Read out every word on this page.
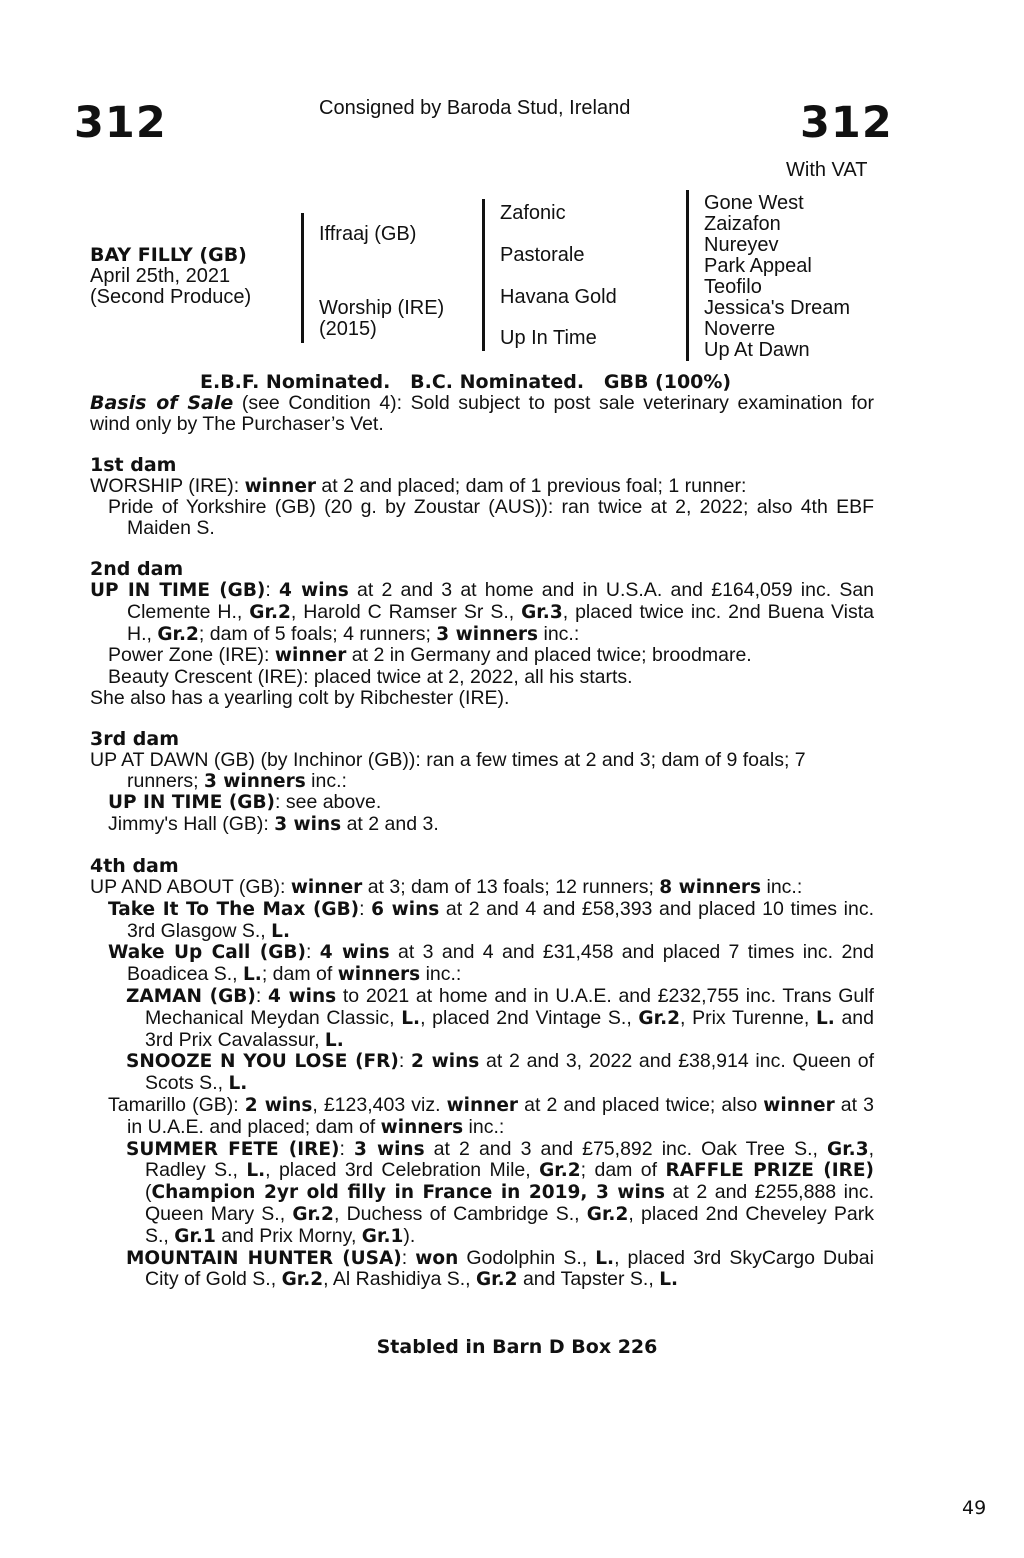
312	Consigned by Baroda Stud, Ireland	312
With VAT
BAY FILLY (GB)
April 25th, 2021
(Second Produce)
Iffraaj (GB)
Worship (IRE)
(2015)
Zafonic
Pastorale
Havana Gold
Up In Time
Gone West
Zaizafon
Nureyev
Park Appeal
Teofilo
Jessica's Dream
Noverre
Up At Dawn
E.B.F. Nominated.   B.C. Nominated.   GBB (100%)

Basis of Sale (see Condition 4): Sold subject to post sale veterinary examination for wind only by The Purchaser’s Vet.

1st dam

WORSHIP (IRE): winner at 2 and placed; dam of 1 previous foal; 1 runner:

Pride of Yorkshire (GB) (20 g. by Zoustar (AUS)): ran twice at 2, 2022; also 4th EBF Maiden S.

2nd dam

UP IN TIME (GB): 4 wins at 2 and 3 at home and in U.S.A. and £164,059 inc. San Clemente H., Gr.2, Harold C Ramser Sr S., Gr.3, placed twice inc. 2nd Buena Vista H., Gr.2; dam of 5 foals; 4 runners; 3 winners inc.:

Power Zone (IRE): winner at 2 in Germany and placed twice; broodmare.

Beauty Crescent (IRE): placed twice at 2, 2022, all his starts.

She also has a yearling colt by Ribchester (IRE).

3rd dam

UP AT DAWN (GB) (by Inchinor (GB)): ran a few times at 2 and 3; dam of 9 foals; 7 runners; 3 winners inc.:

UP IN TIME (GB): see above.

Jimmy's Hall (GB): 3 wins at 2 and 3.

4th dam

UP AND ABOUT (GB): winner at 3; dam of 13 foals; 12 runners; 8 winners inc.:

Take It To The Max (GB): 6 wins at 2 and 4 and £58,393 and placed 10 times inc. 3rd Glasgow S., L.

Wake Up Call (GB): 4 wins at 3 and 4 and £31,458 and placed 7 times inc. 2nd Boadicea S., L.; dam of winners inc.:

ZAMAN (GB): 4 wins to 2021 at home and in U.A.E. and £232,755 inc. Trans Gulf Mechanical Meydan Classic, L., placed 2nd Vintage S., Gr.2, Prix Turenne, L. and 3rd Prix Cavalassur, L.

SNOOZE N YOU LOSE (FR): 2 wins at 2 and 3, 2022 and £38,914 inc. Queen of Scots S., L.

Tamarillo (GB): 2 wins, £123,403 viz. winner at 2 and placed twice; also winner at 3 in U.A.E. and placed; dam of winners inc.:

SUMMER FETE (IRE): 3 wins at 2 and 3 and £75,892 inc. Oak Tree S., Gr.3, Radley S., L., placed 3rd Celebration Mile, Gr.2; dam of RAFFLE PRIZE (IRE) (Champion 2yr old filly in France in 2019, 3 wins at 2 and £255,888 inc. Queen Mary S., Gr.2, Duchess of Cambridge S., Gr.2, placed 2nd Cheveley Park S., Gr.1 and Prix Morny, Gr.1).

MOUNTAIN HUNTER (USA): won Godolphin S., L., placed 3rd SkyCargo Dubai City of Gold S., Gr.2, Al Rashidiya S., Gr.2 and Tapster S., L.

Stabled in Barn D Box 226
49
